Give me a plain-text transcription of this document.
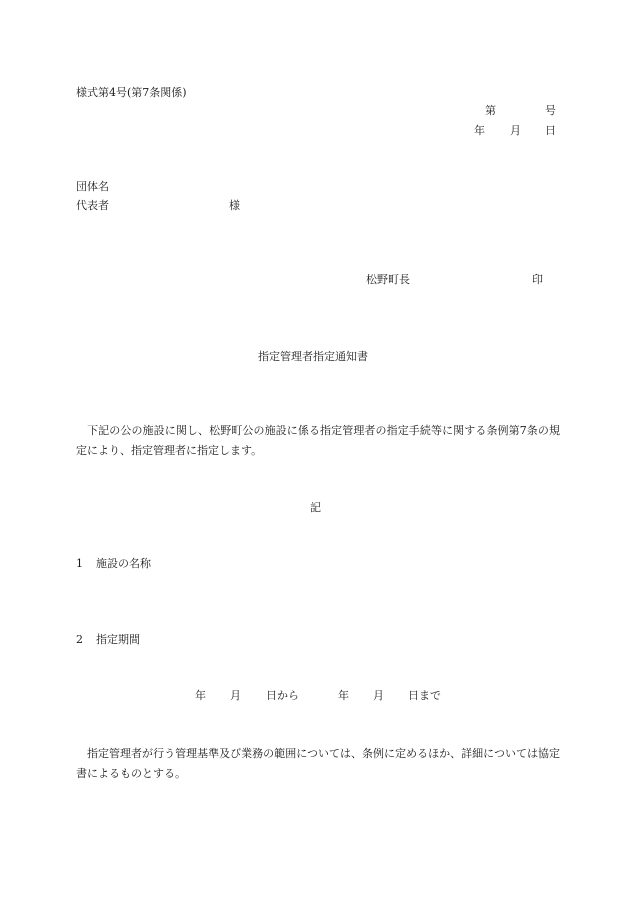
様式第4号(第7条関係)
第	号
年 月 日
団体名
代表者	様
松野町長	印
指定管理者指定通知書
　下記の公の施設に関し、松野町公の施設に係る指定管理者の指定手続等に関する条例第7条の規定により、指定管理者に指定します。
記
1 施設の名称
2 指定期間
年 月 日から	年 月 日まで
　指定管理者が行う管理基準及び業務の範囲については、条例に定めるほか、詳細については協定書によるものとする。
